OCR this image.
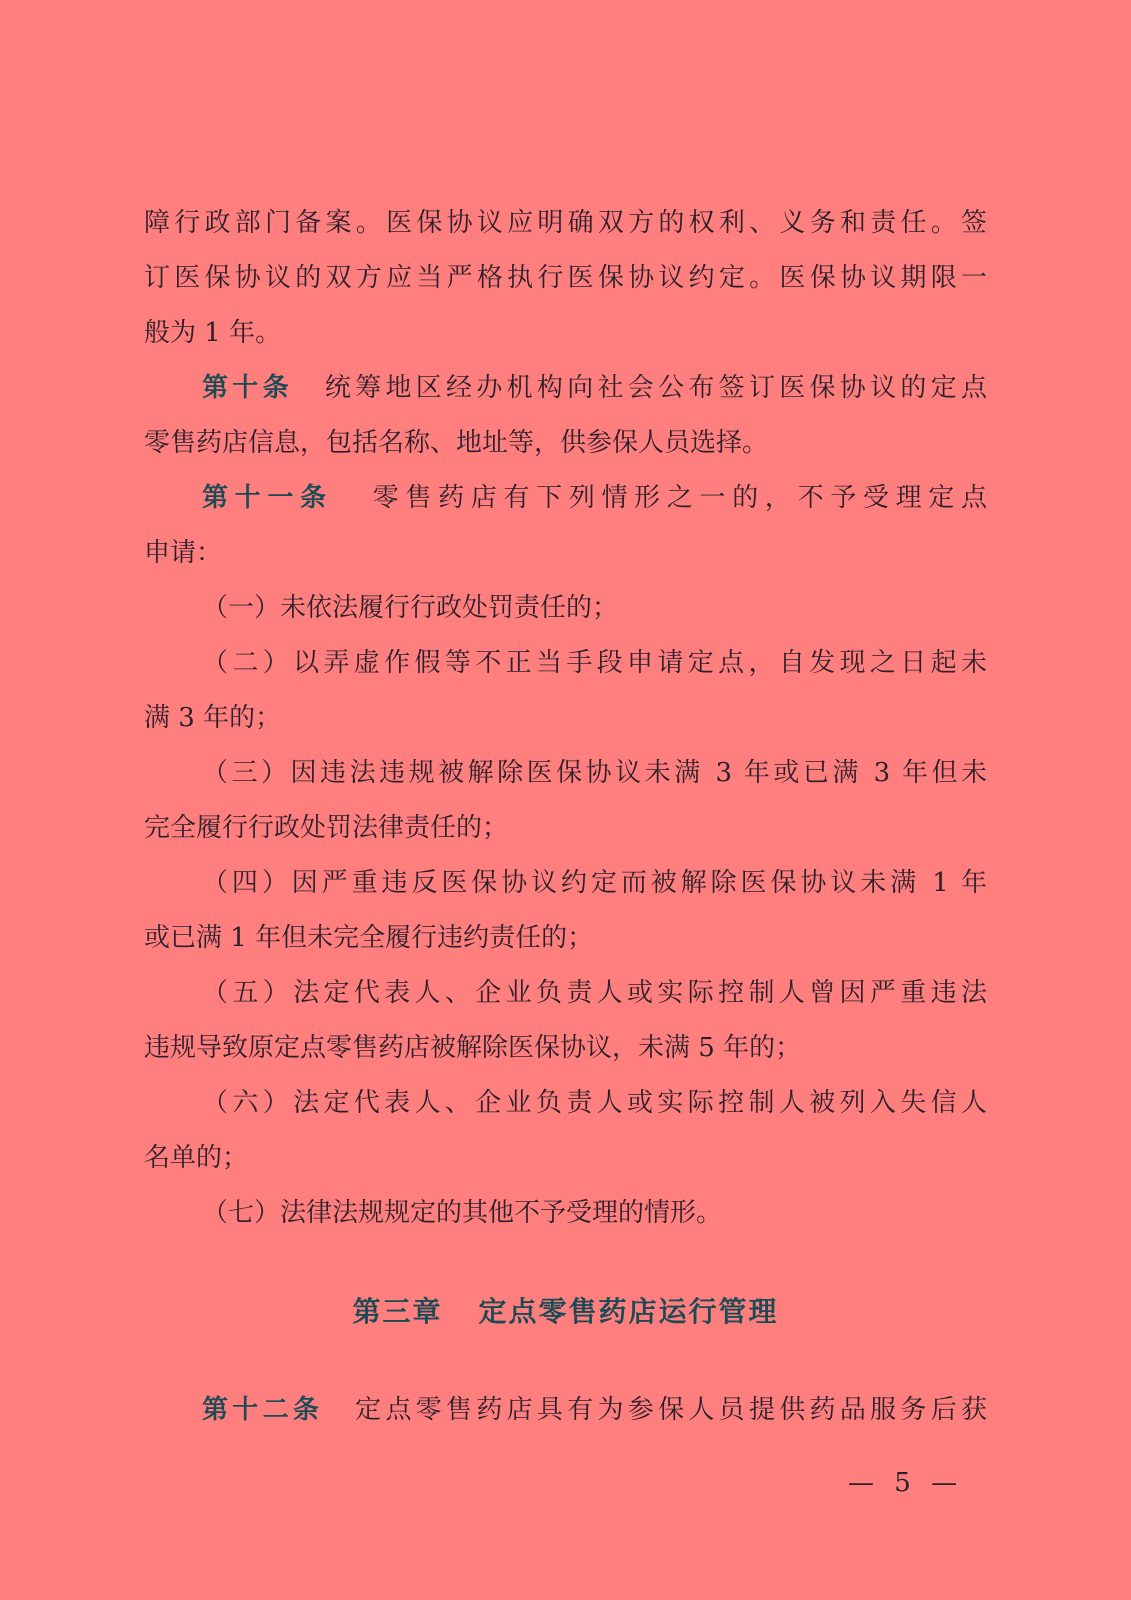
障行政部门备案。医保协议应明确双方的权利、义务和责任。签
订医保协议的双方应当严格执行医保协议约定。医保协议期限一
般为 1 年。
第十条 统筹地区经办机构向社会公布签订医保协议的定点
零售药店信息，包括名称、地址等，供参保人员选择。
第十一条 零售药店有下列情形之一的，不予受理定点
申请：
（一）未依法履行行政处罚责任的；
（二）以弄虚作假等不正当手段申请定点，自发现之日起未
满 3 年的；
（三）因违法违规被解除医保协议未满 3 年或已满 3 年但未
完全履行行政处罚法律责任的；
（四）因严重违反医保协议约定而被解除医保协议未满 1 年
或已满 1 年但未完全履行违约责任的；
（五）法定代表人、企业负责人或实际控制人曾因严重违法
违规导致原定点零售药店被解除医保协议，未满 5 年的；
（六）法定代表人、企业负责人或实际控制人被列入失信人
名单的；
（七）法律法规规定的其他不予受理的情形。
第三章 定点零售药店运行管理
第十二条 定点零售药店具有为参保人员提供药品服务后获
— 5 —
